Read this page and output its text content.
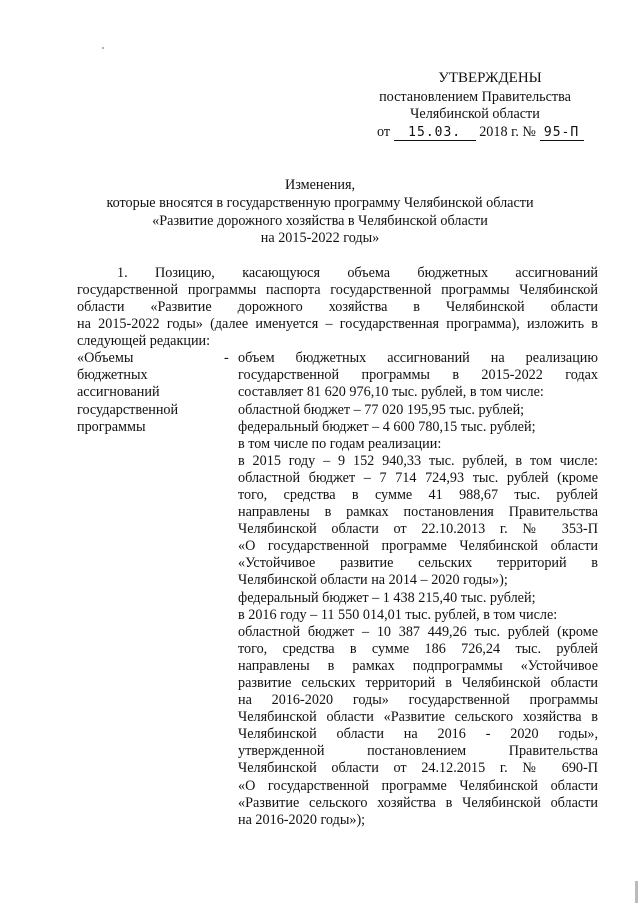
УТВЕРЖДЕНЫ
постановлением Правительства
Челябинской области
от 15.03. 2018 г. № 95-П
Изменения,
которые вносятся в государственную программу Челябинской области
«Развитие дорожного хозяйства в Челябинской области
на 2015-2022 годы»
1. Позицию, касающуюся объема бюджетных ассигнований
государственной программы паспорта государственной программы Челябинской
области «Развитие дорожного хозяйства в Челябинской области
на 2015-2022 годы» (далее именуется – государственная программа), изложить в
следующей редакции:
«Объемы
бюджетных
ассигнований
государственной
программы
- объем бюджетных ассигнований на реализацию
государственной программы в 2015-2022 годах
составляет 81 620 976,10 тыс. рублей, в том числе:
областной бюджет – 77 020 195,95 тыс. рублей;
федеральный бюджет – 4 600 780,15 тыс. рублей;
в том числе по годам реализации:
в 2015 году – 9 152 940,33 тыс. рублей, в том числе:
областной бюджет – 7 714 724,93 тыс. рублей (кроме
того, средства в сумме 41 988,67 тыс. рублей
направлены в рамках постановления Правительства
Челябинской области от 22.10.2013 г. № 353-П
«О государственной программе Челябинской области
«Устойчивое развитие сельских территорий в
Челябинской области на 2014 – 2020 годы»);
федеральный бюджет – 1 438 215,40 тыс. рублей;
в 2016 году – 11 550 014,01 тыс. рублей, в том числе:
областной бюджет – 10 387 449,26 тыс. рублей (кроме
того, средства в сумме 186 726,24 тыс. рублей
направлены в рамках подпрограммы «Устойчивое
развитие сельских территорий в Челябинской области
на 2016-2020 годы» государственной программы
Челябинской области «Развитие сельского хозяйства в
Челябинской области на 2016 - 2020 годы»,
утвержденной постановлением Правительства
Челябинской области от 24.12.2015 г. № 690-П
«О государственной программе Челябинской области
«Развитие сельского хозяйства в Челябинской области
на 2016-2020 годы»);
